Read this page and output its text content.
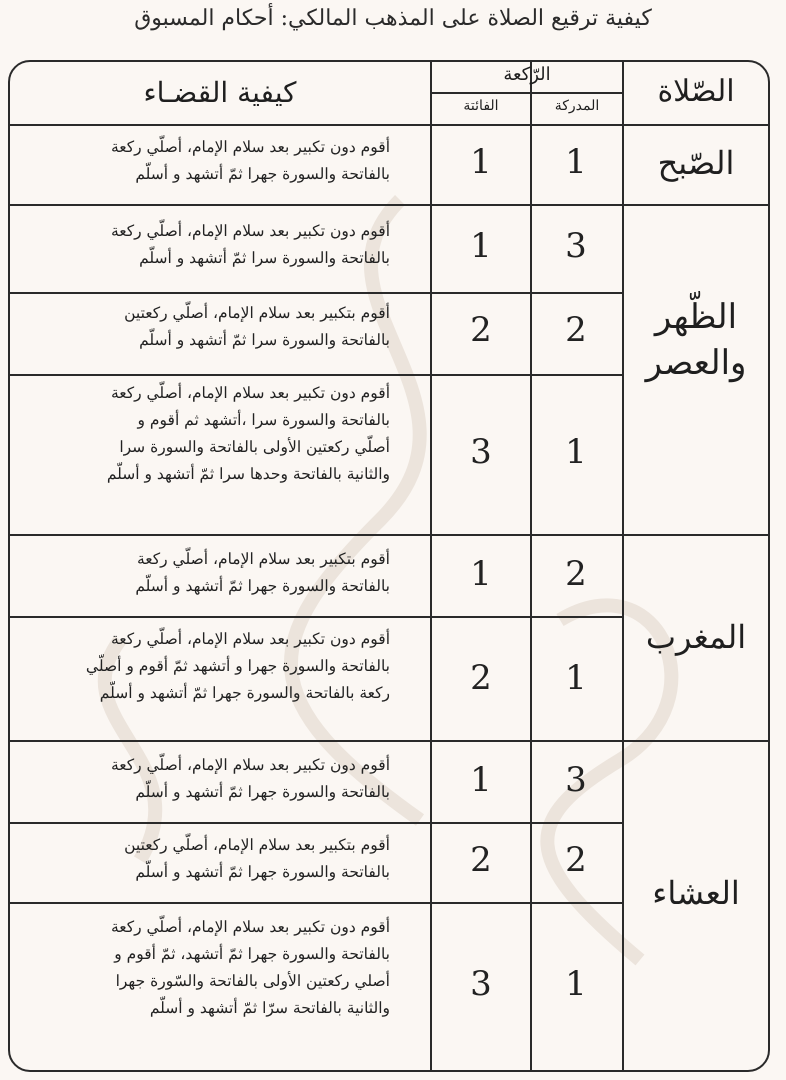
كيفية ترقيع الصلاة على المذهب المالكي: أحكام المسبوق
الصّلاة
الرّكعة
المدركة
الفائتة
كيفية القضـاء
الصّبح
الظّهر والعصر
المغرب
العشاء
1
1
أقوم دون تكبير بعد سلام الإمام، أصلّي ركعة
بالفاتحة والسورة جهرا ثمّ أتشهد و أسلّم
3
1
أقوم دون تكبير بعد سلام الإمام، أصلّي ركعة
بالفاتحة والسورة سرا ثمّ أتشهد و أسلّم
2
2
أقوم بتكبير بعد سلام الإمام، أصلّي ركعتين
بالفاتحة والسورة سرا ثمّ أتشهد و أسلّم
1
3
أقوم دون تكبير بعد سلام الإمام، أصلّي ركعة
بالفاتحة والسورة سرا ،أتشهد ثم أقوم و
أصلّي ركعتين الأولى بالفاتحة والسورة سرا
والثانية بالفاتحة وحدها سرا ثمّ أتشهد و أسلّم
2
1
أقوم بتكبير بعد سلام الإمام، أصلّي ركعة
بالفاتحة والسورة جهرا ثمّ أتشهد و أسلّم
1
2
أقوم دون تكبير بعد سلام الإمام، أصلّي ركعة
بالفاتحة والسورة جهرا و أتشهد ثمّ أقوم و أصلّي
ركعة بالفاتحة والسورة جهرا ثمّ أتشهد و أسلّم
3
1
أقوم دون تكبير بعد سلام الإمام، أصلّي ركعة
بالفاتحة والسورة جهرا ثمّ أتشهد و أسلّم
2
2
أقوم بتكبير بعد سلام الإمام، أصلّي ركعتين
بالفاتحة والسورة جهرا ثمّ أتشهد و أسلّم
1
3
أقوم دون تكبير بعد سلام الإمام، أصلّي ركعة
بالفاتحة والسورة جهرا ثمّ أتشهد، ثمّ أقوم و
أصلي ركعتين الأولى بالفاتحة والسّورة جهرا
والثانية بالفاتحة سرّا ثمّ أتشهد و أسلّم
